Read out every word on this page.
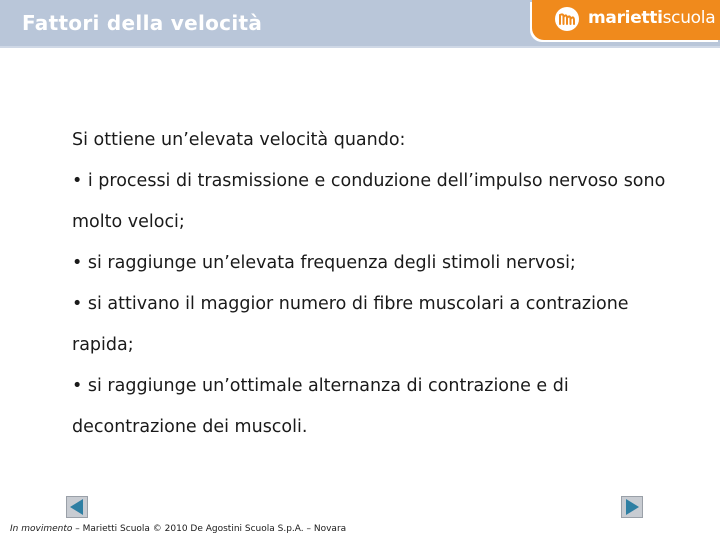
Fattori della velocità	mariettiscuola

Si ottiene un’elevata velocità quando:

• i processi di trasmissione e conduzione dell’impulso nervoso sono molto veloci;

• si raggiunge un’elevata frequenza degli stimoli nervosi;

• si attivano il maggior numero di fibre muscolari a contrazione rapida;

• si raggiunge un’ottimale alternanza di contrazione e di decontrazione dei muscoli.

In movimento – Marietti Scuola © 2010 De Agostini Scuola S.p.A. – Novara
